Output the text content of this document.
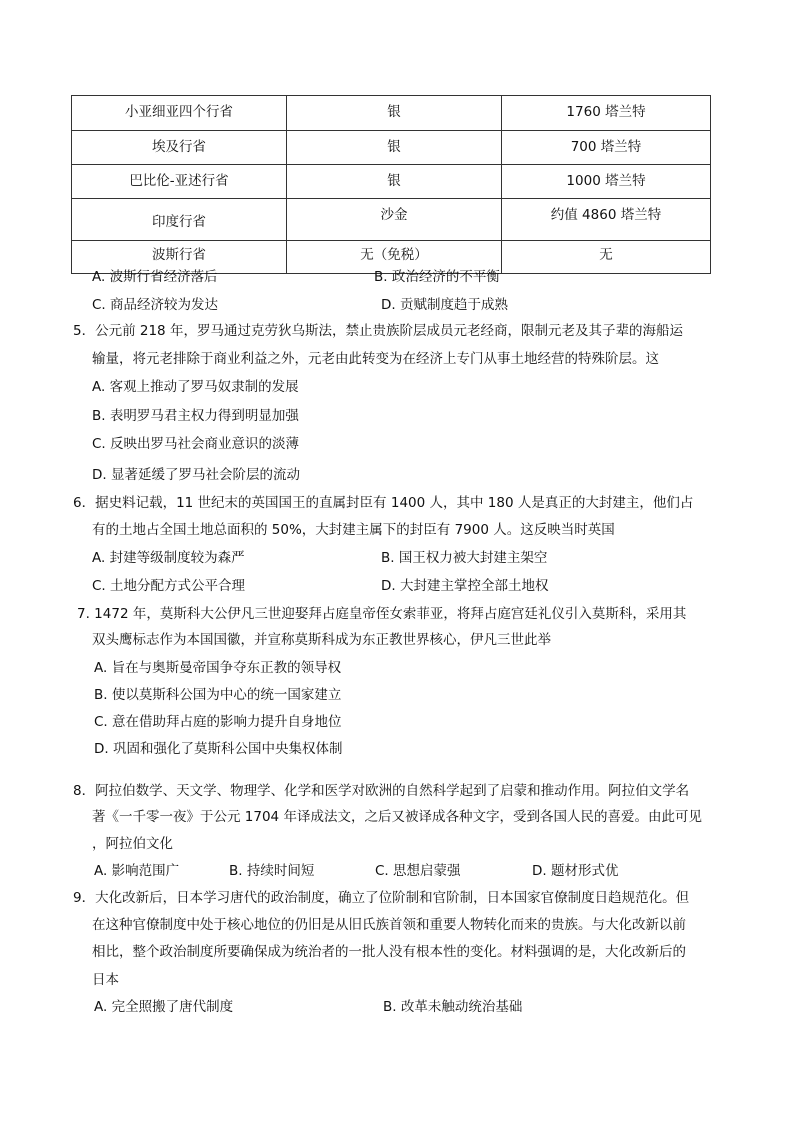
小亚细亚四个行省	银	1760 塔兰特
埃及行省	银	700 塔兰特
巴比伦-亚述行省	银	1000 塔兰特
印度行省	沙金	约值 4860 塔兰特
波斯行省	无（免税）	无
A. 波斯行省经济落后	B. 政治经济的不平衡
C. 商品经济较为发达	D. 贡赋制度趋于成熟
5．公元前 218 年，罗马通过克劳狄乌斯法，禁止贵族阶层成员元老经商，限制元老及其子辈的海船运
输量，将元老排除于商业利益之外，元老由此转变为在经济上专门从事土地经营的特殊阶层。这
A. 客观上推动了罗马奴隶制的发展
B. 表明罗马君主权力得到明显加强
C. 反映出罗马社会商业意识的淡薄
D. 显著延缓了罗马社会阶层的流动
6．据史料记载，11 世纪末的英国国王的直属封臣有 1400 人，其中 180 人是真正的大封建主，他们占
有的土地占全国土地总面积的 50%，大封建主属下的封臣有 7900 人。这反映当时英国
A. 封建等级制度较为森严	B. 国王权力被大封建主架空
C. 土地分配方式公平合理	D. 大封建主掌控全部土地权
7. 1472 年，莫斯科大公伊凡三世迎娶拜占庭皇帝侄女索菲亚，将拜占庭宫廷礼仪引入莫斯科，采用其
双头鹰标志作为本国国徽，并宣称莫斯科成为东正教世界核心，伊凡三世此举
A. 旨在与奥斯曼帝国争夺东正教的领导权
B. 使以莫斯科公国为中心的统一国家建立
C. 意在借助拜占庭的影响力提升自身地位
D. 巩固和强化了莫斯科公国中央集权体制
8．阿拉伯数学、天文学、物理学、化学和医学对欧洲的自然科学起到了启蒙和推动作用。阿拉伯文学名
著《一千零一夜》于公元 1704 年译成法文，之后又被译成各种文字，受到各国人民的喜爱。由此可见
，阿拉伯文化
A. 影响范围广	B. 持续时间短	C. 思想启蒙强	D. 题材形式优
9．大化改新后，日本学习唐代的政治制度，确立了位阶制和官阶制，日本国家官僚制度日趋规范化。但
在这种官僚制度中处于核心地位的仍旧是从旧氏族首领和重要人物转化而来的贵族。与大化改新以前
相比，整个政治制度所要确保成为统治者的一批人没有根本性的变化。材料强调的是，大化改新后的
日本
A. 完全照搬了唐代制度	B. 改革未触动统治基础
